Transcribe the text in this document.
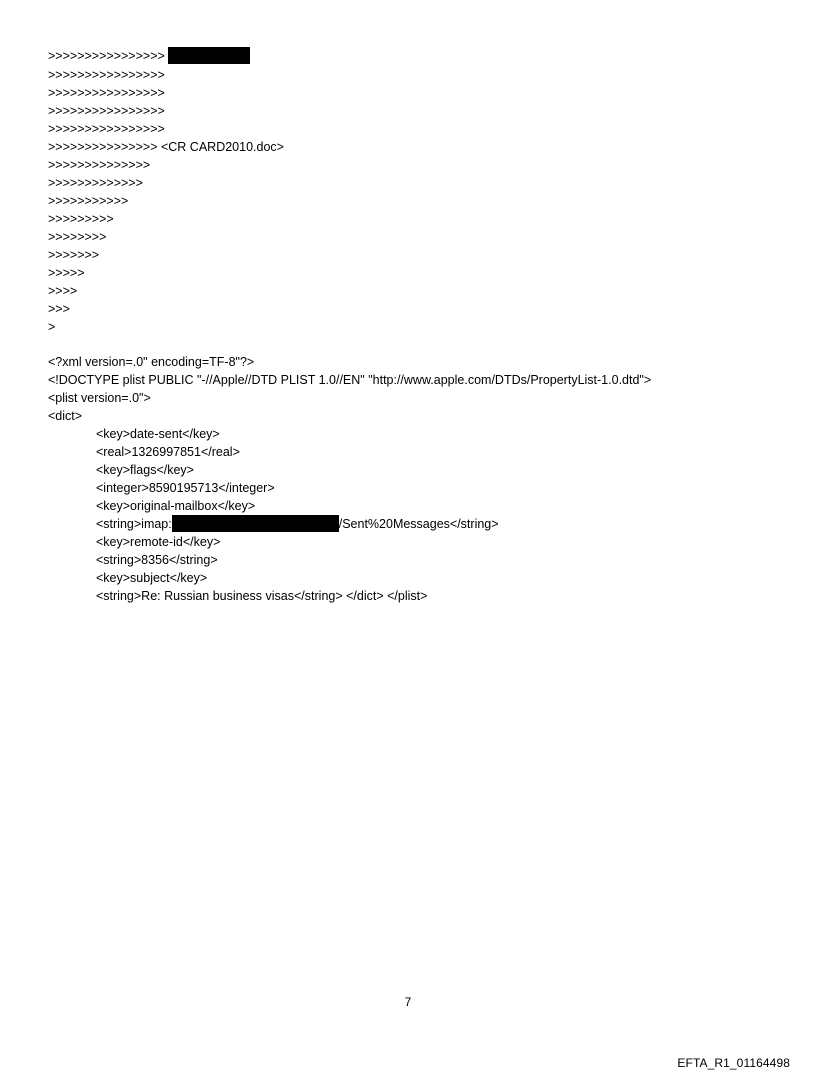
>>>>>>>>>>>>>>>>
>>>>>>>>>>>>>>>>
>>>>>>>>>>>>>>>>
>>>>>>>>>>>>>>>>
>>>>>>>>>>>>>>>>
>>>>>>>>>>>>>>> <CR CARD2010.doc>
>>>>>>>>>>>>>>
>>>>>>>>>>>>>
>>>>>>>>>>>
>>>>>>>>>
>>>>>>>>
>>>>>>>
>>>>>
>>>>
>>>
>
<?xml version=.0" encoding=TF-8"?>
<!DOCTYPE plist PUBLIC "-//Apple//DTD PLIST 1.0//EN" "http://www.apple.com/DTDs/PropertyList-1.0.dtd">
<plist version=.0">
<dict>
<key>date-sent</key>
<real>1326997851</real>
<key>flags</key>
<integer>8590195713</integer>
<key>original-mailbox</key>
<string>imap:	/Sent%20Messages</string>
<key>remote-id</key>
<string>8356</string>
<key>subject</key>
<string>Re: Russian business visas</string> </dict> </plist>
7
EFTA_R1_01164498
